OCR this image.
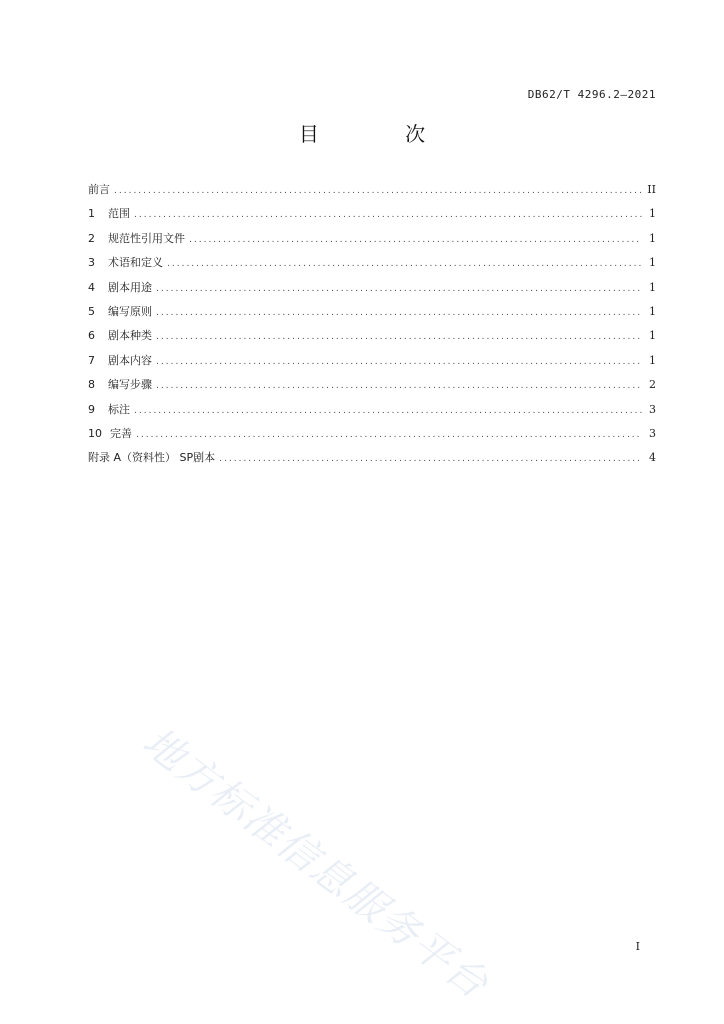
DB62/T 4296.2—2021
目 次
前言 .....	II
1	范围 .....	1
2	规范性引用文件 .....	1
3	术语和定义 .....	1
4	剧本用途 .....	1
5	编写原则 .....	1
6	剧本种类 .....	1
7	剧本内容 .....	1
8	编写步骤 .....	2
9	标注 .....	3
10 完善 .....	3
附录 A（资料性） SP剧本 .....	4
地方标准信息服务平台	I
